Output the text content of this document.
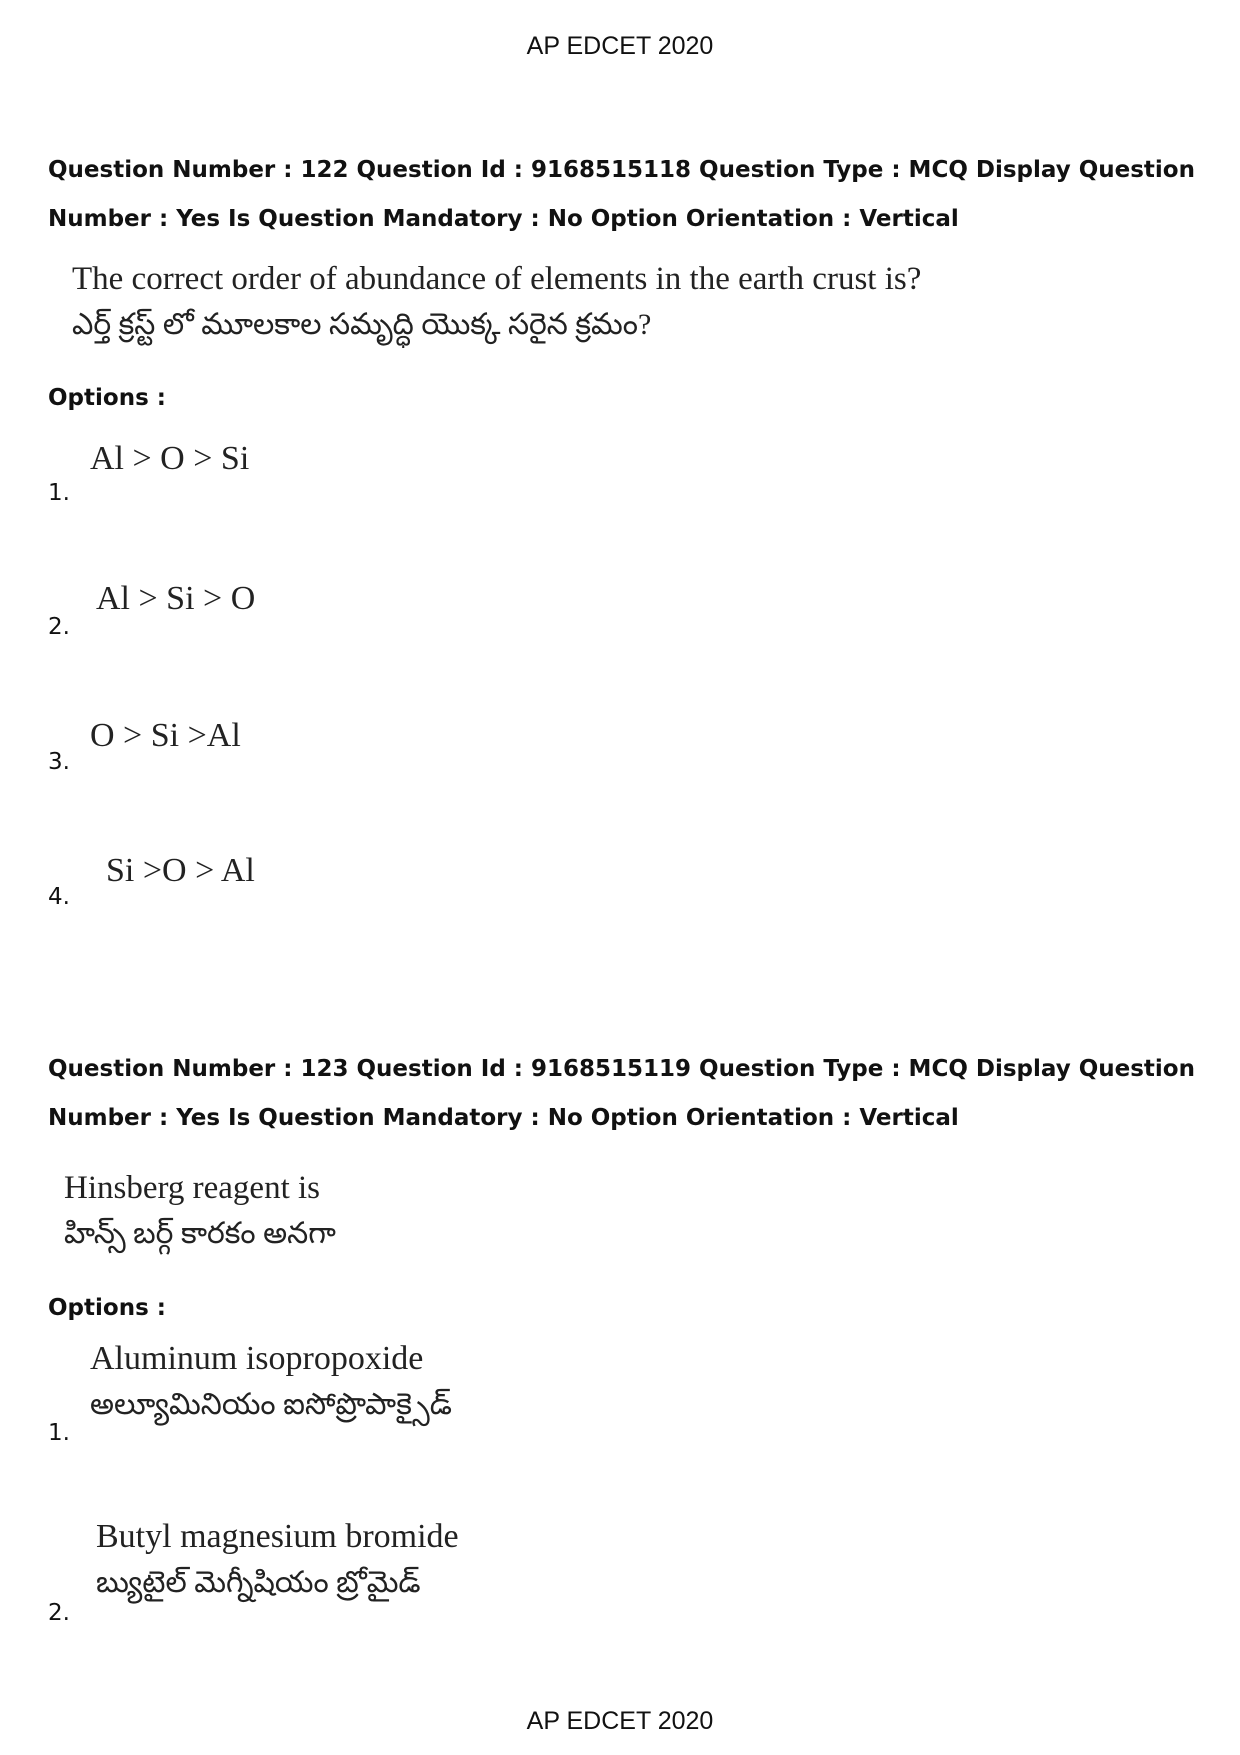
AP EDCET 2020
Question Number : 122 Question Id : 9168515118 Question Type : MCQ Display Question
Number : Yes Is Question Mandatory : No Option Orientation : Vertical
The correct order of abundance of elements in the earth crust is?
ఎర్త్ క్రస్ట్ లో మూలకాల సమృద్ధి యొక్క సరైన క్రమం?
Options :
1.
Al > O > Si
2.
Al > Si > O
3.
O > Si >Al
4.
Si >O > Al
Question Number : 123 Question Id : 9168515119 Question Type : MCQ Display Question
Number : Yes Is Question Mandatory : No Option Orientation : Vertical
Hinsberg reagent is
హిన్స్ బర్గ్ కారకం అనగా
Options :
1.
Aluminum isopropoxide
అల్యూమినియం ఐసోప్రొపాక్సైడ్
2.
Butyl magnesium bromide
బ్యుటైల్ మెగ్నీషియం బ్రోమైడ్
AP EDCET 2020
